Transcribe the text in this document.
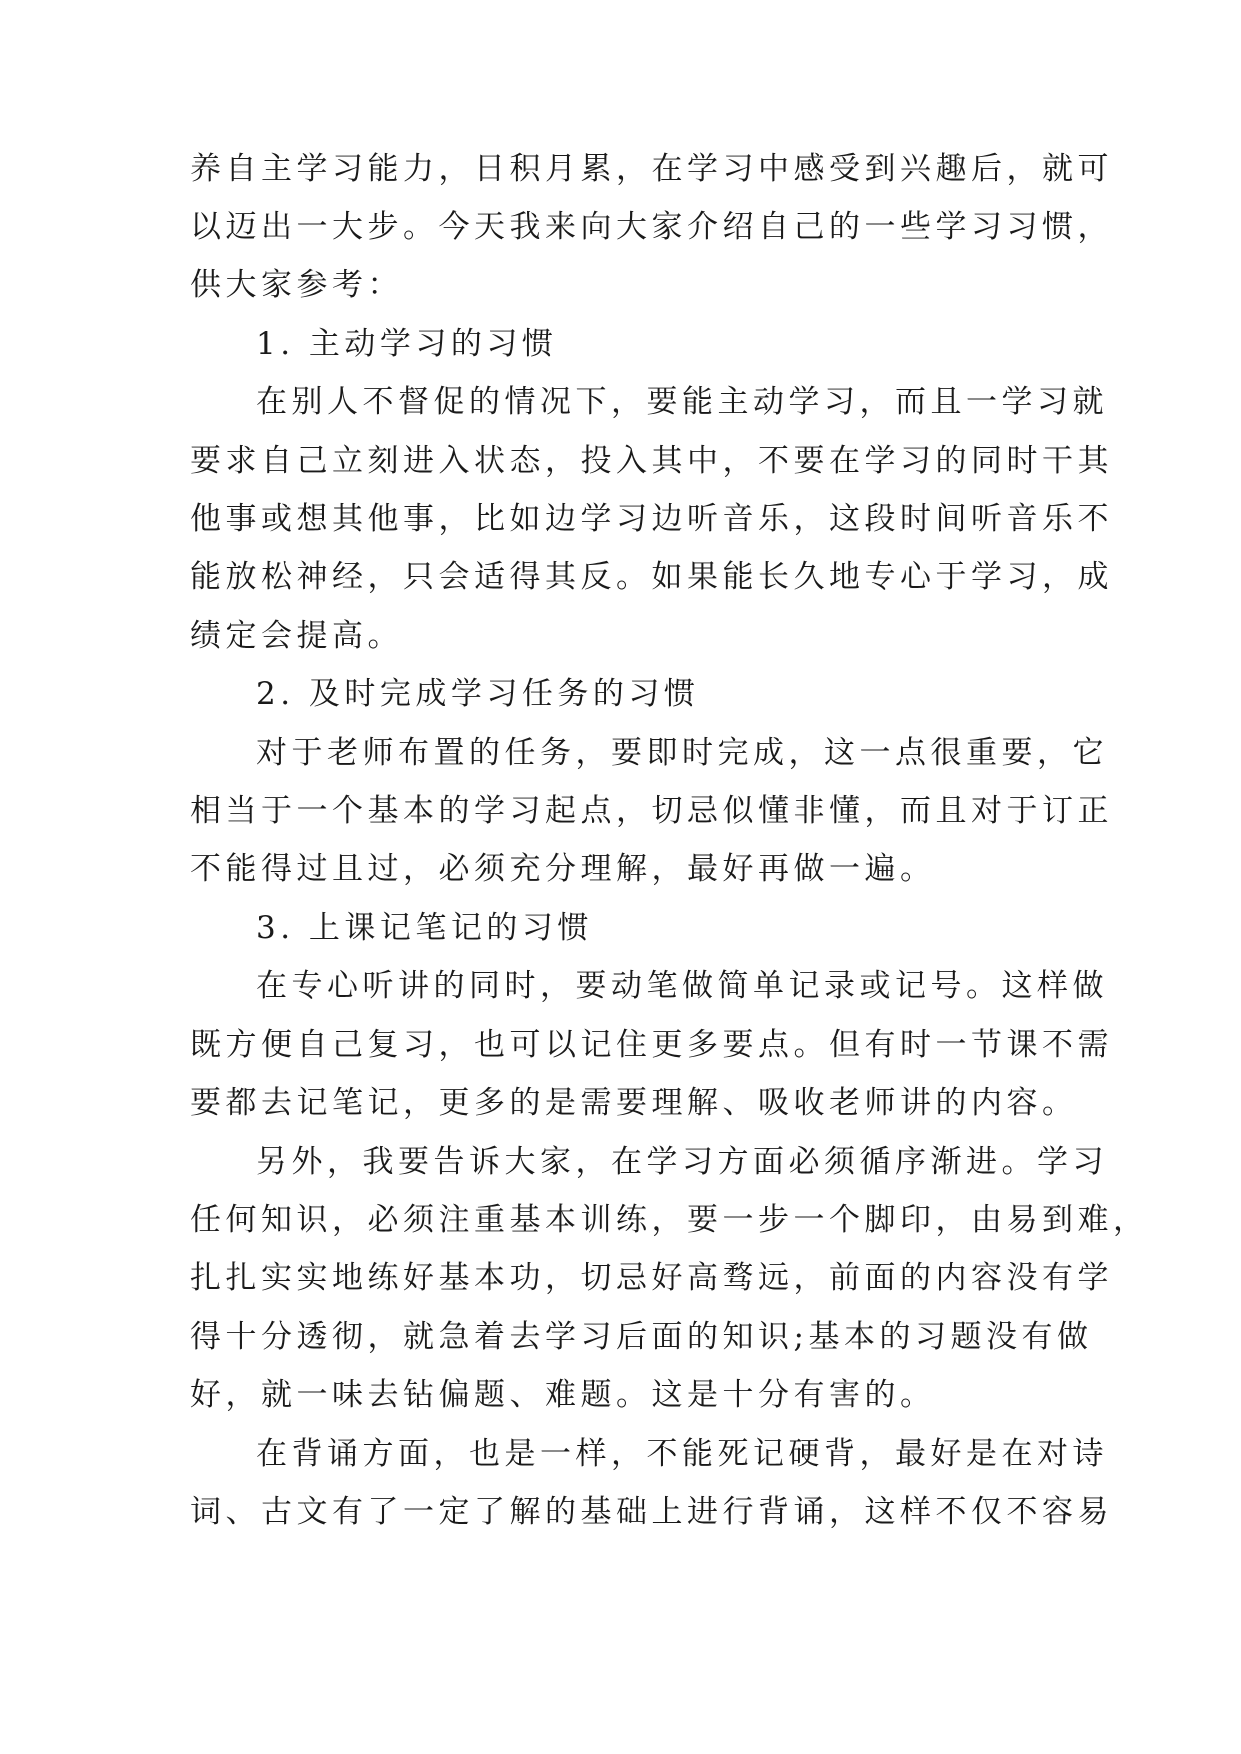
养自主学习能力，日积月累，在学习中感受到兴趣后，就可
以迈出一大步。今天我来向大家介绍自己的一些学习习惯，
供大家参考：
1. 主动学习的习惯
在别人不督促的情况下，要能主动学习，而且一学习就
要求自己立刻进入状态，投入其中，不要在学习的同时干其
他事或想其他事，比如边学习边听音乐，这段时间听音乐不
能放松神经，只会适得其反。如果能长久地专心于学习，成
绩定会提高。
2. 及时完成学习任务的习惯
对于老师布置的任务，要即时完成，这一点很重要，它
相当于一个基本的学习起点，切忌似懂非懂，而且对于订正
不能得过且过，必须充分理解，最好再做一遍。
3. 上课记笔记的习惯
在专心听讲的同时，要动笔做简单记录或记号。这样做
既方便自己复习，也可以记住更多要点。但有时一节课不需
要都去记笔记，更多的是需要理解、吸收老师讲的内容。
另外，我要告诉大家，在学习方面必须循序渐进。学习
任何知识，必须注重基本训练，要一步一个脚印，由易到难，
扎扎实实地练好基本功，切忌好高骛远，前面的内容没有学
得十分透彻，就急着去学习后面的知识;基本的习题没有做
好，就一味去钻偏题、难题。这是十分有害的。
在背诵方面，也是一样，不能死记硬背，最好是在对诗
词、古文有了一定了解的基础上进行背诵，这样不仅不容易
